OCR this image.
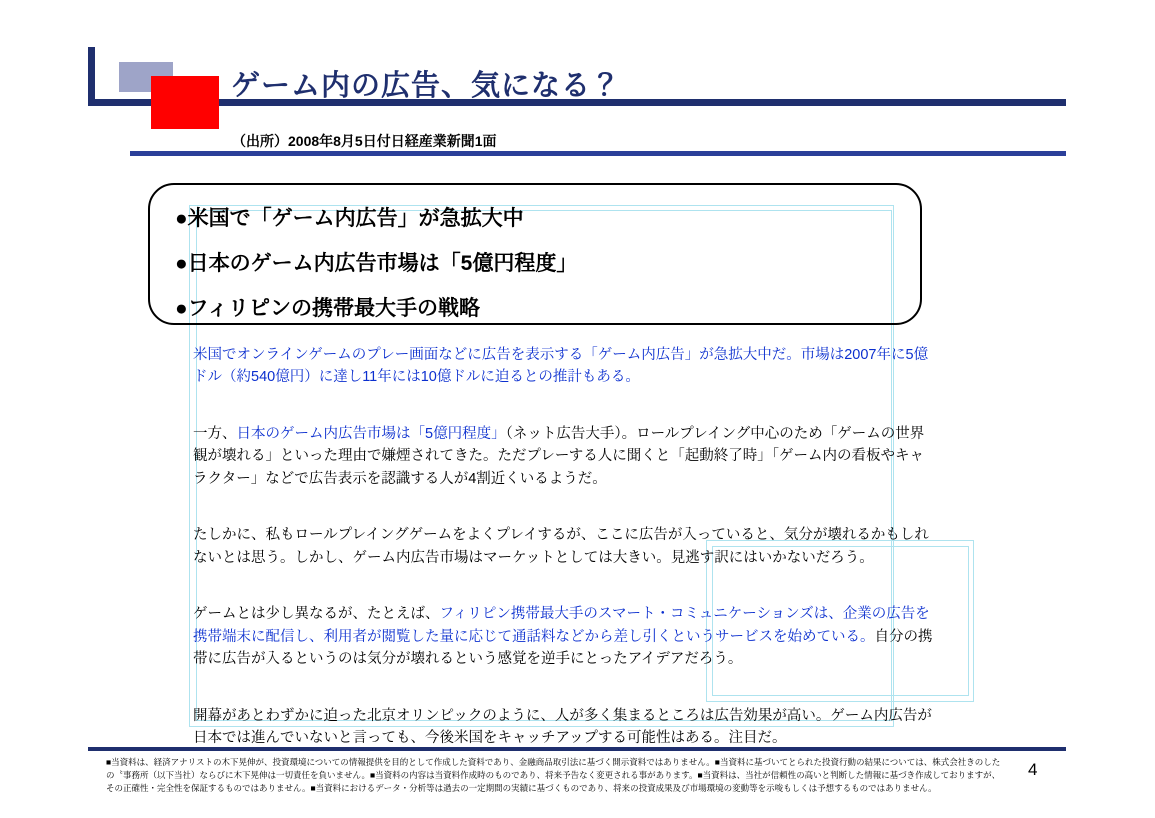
ゲーム内の広告、気になる？
（出所）2008年8月5日付日経産業新聞1面
●米国で「ゲーム内広告」が急拡大中
●日本のゲーム内広告市場は「5億円程度」
●フィリピンの携帯最大手の戦略

米国でオンラインゲームのプレー画面などに広告を表示する「ゲーム内広告」が急拡大中だ。市場は2007年に5億ドル（約540億円）に達し11年には10億ドルに迫るとの推計もある。

一方、日本のゲーム内広告市場は「5億円程度」（ネット広告大手）。ロールプレイング中心のため「ゲームの世界観が壊れる」といった理由で嫌煙されてきた。ただプレーする人に聞くと「起動終了時」「ゲーム内の看板やキャラクター」などで広告表示を認識する人が4割近くいるようだ。

たしかに、私もロールプレイングゲームをよくプレイするが、ここに広告が入っていると、気分が壊れるかもしれないとは思う。しかし、ゲーム内広告市場はマーケットとしては大きい。見逃す訳にはいかないだろう。

ゲームとは少し異なるが、たとえば、フィリピン携帯最大手のスマート・コミュニケーションズは、企業の広告を携帯端末に配信し、利用者が閲覧した量に応じて通話料などから差し引くというサービスを始めている。自分の携帯に広告が入るというのは気分が壊れるという感覚を逆手にとったアイデアだろう。

開幕があとわずかに迫った北京オリンピックのように、人が多く集まるところは広告効果が高い。ゲーム内広告が日本では進んでいないと言っても、今後米国をキャッチアップする可能性はある。注目だ。

■当資料は、経済アナリストの木下晃伸が、投資環境についての情報提供を目的として作成した資料であり、金融商品取引法に基づく開示資料ではありません。■当資料に基づいてとられた投資行動の結果については、株式会社きのしたの〝事務所（以下当社）ならびに木下晃伸は一切責任を負いません。■当資料の内容は当資料作成時のものであり、将来予告なく変更される事があります。■当資料は、当社が信頼性の高いと判断した情報に基づき作成しておりますが、その正確性・完全性を保証するものではありません。■当資料におけるデータ・分析等は過去の一定期間の実績に基づくものであり、将来の投資成果及び市場環境の変動等を示唆もしくは予想するものではありません。
4
